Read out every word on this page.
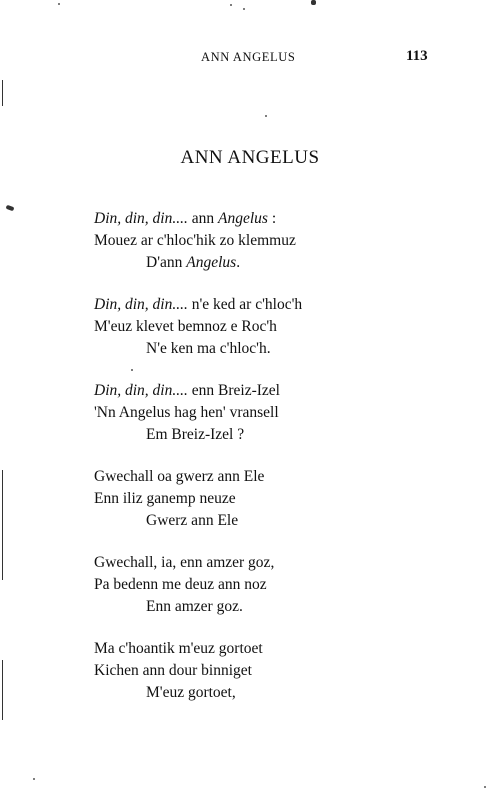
ANN ANGELUS	113
ANN ANGELUS
Din, din, din.... ann Angelus :
Mouez ar c'hloc'hik zo klemmuz
D'ann Angelus.
Din, din, din.... n'e ked ar c'hloc'h
M'euz klevet bemnoz e Roc'h
N'e ken ma c'hloc'h.
Din, din, din.... enn Breiz-Izel
'Nn Angelus hag hen' vransell
Em Breiz-Izel ?
Gwechall oa gwerz ann Ele
Enn iliz ganemp neuze
Gwerz ann Ele
Gwechall, ia, enn amzer goz,
Pa bedenn me deuz ann noz
Enn amzer goz.
Ma c'hoantik m'euz gortoet
Kichen ann dour binniget
M'euz gortoet,
